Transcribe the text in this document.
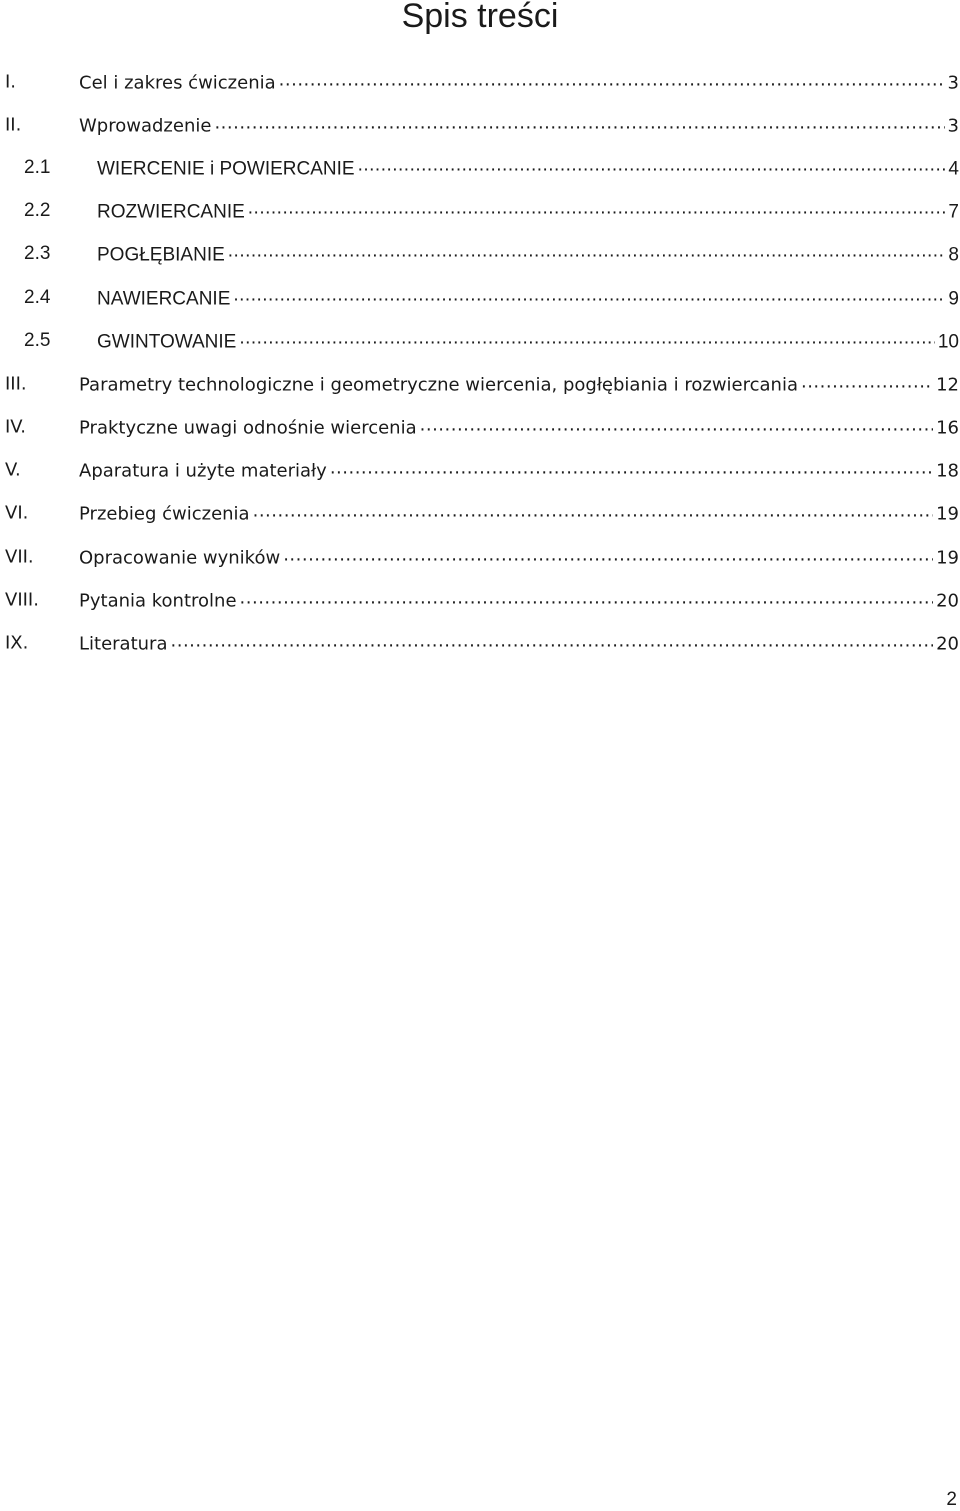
Spis treści
I.	Cel i zakres ćwiczenia .....	3
II.	Wprowadzenie .....	3
2.1 WIERCENIE i POWIERCANIE .....	4
2.2 ROZWIERCANIE .....	7
2.3 POGŁĘBIANIE .....	8
2.4 NAWIERCANIE .....	9
2.5 GWINTOWANIE .....	10
III.	Parametry technologiczne i geometryczne wiercenia, pogłębiania i rozwiercania .....	12
IV.	Praktyczne uwagi odnośnie wiercenia .....	16
V.	Aparatura i użyte materiały .....	18
VI.	Przebieg ćwiczenia .....	19
VII.	Opracowanie wyników .....	19
VIII. Pytania kontrolne .....	20
IX.	Literatura .....	20
2
